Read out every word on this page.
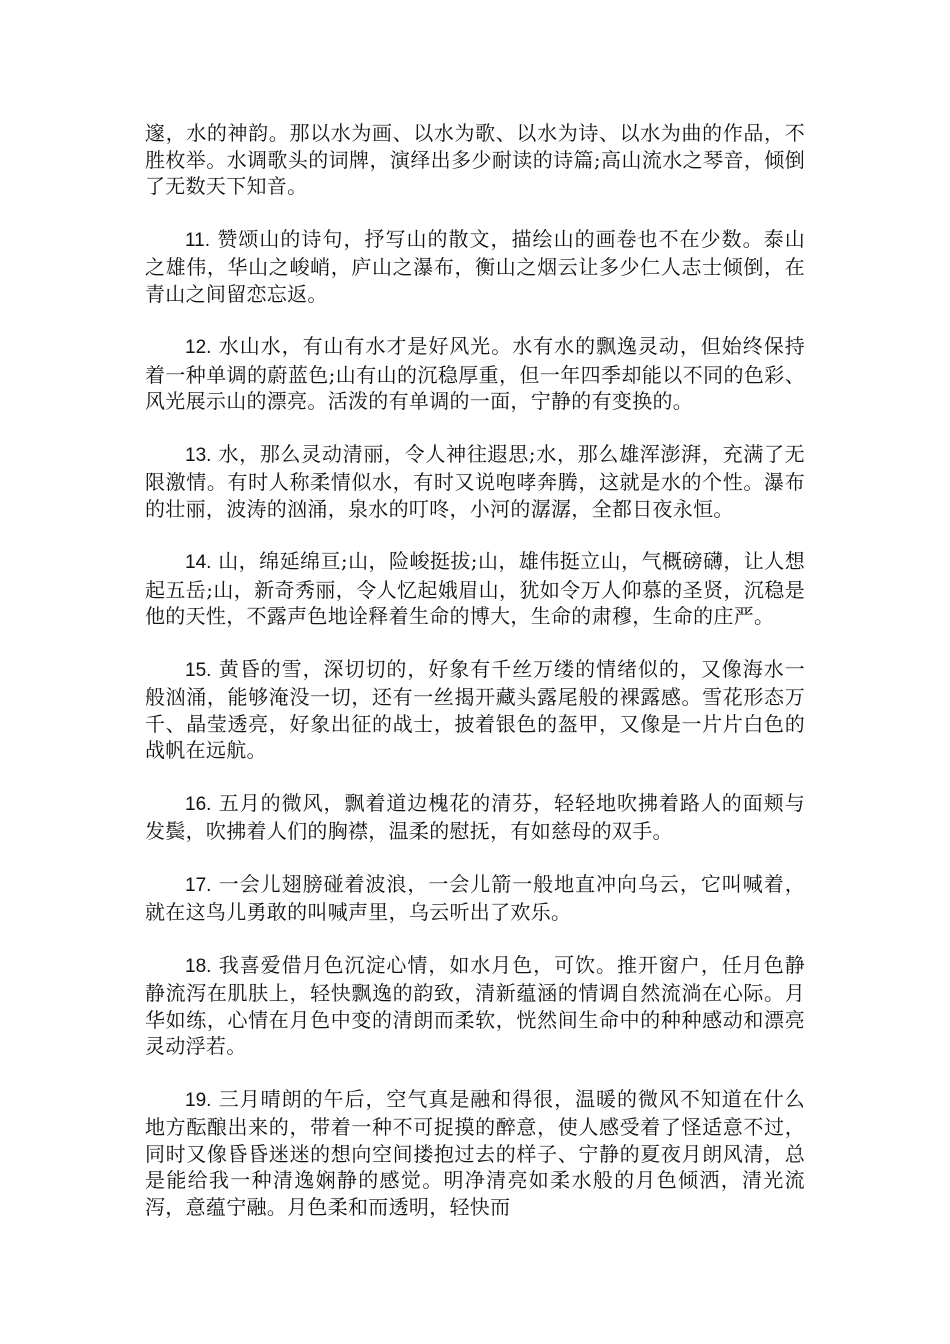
邃，水的神韵。那以水为画、以水为歌、以水为诗、以水为曲的作品，不胜枚举。水调歌头的词牌，演绎出多少耐读的诗篇;高山流水之琴音，倾倒了无数天下知音。

11. 赞颂山的诗句，抒写山的散文，描绘山的画卷也不在少数。泰山之雄伟，华山之峻峭，庐山之瀑布，衡山之烟云让多少仁人志士倾倒，在青山之间留恋忘返。

12. 水山水，有山有水才是好风光。水有水的飘逸灵动，但始终保持着一种单调的蔚蓝色;山有山的沉稳厚重，但一年四季却能以不同的色彩、风光展示山的漂亮。活泼的有单调的一面，宁静的有变换的。

13. 水，那么灵动清丽，令人神往遐思;水，那么雄浑澎湃，充满了无限激情。有时人称柔情似水，有时又说咆哮奔腾，这就是水的个性。瀑布的壮丽，波涛的汹涌，泉水的叮咚，小河的潺潺，全都日夜永恒。

14. 山，绵延绵亘;山，险峻挺拔;山，雄伟挺立山，气概磅礴，让人想起五岳;山，新奇秀丽，令人忆起娥眉山，犹如令万人仰慕的圣贤，沉稳是他的天性，不露声色地诠释着生命的博大，生命的肃穆，生命的庄严。

15. 黄昏的雪，深切切的，好象有千丝万缕的情绪似的，又像海水一般汹涌，能够淹没一切，还有一丝揭开藏头露尾般的裸露感。雪花形态万千、晶莹透亮，好象出征的战士，披着银色的盔甲，又像是一片片白色的战帆在远航。

16. 五月的微风，飘着道边槐花的清芬，轻轻地吹拂着路人的面颊与发鬓，吹拂着人们的胸襟，温柔的慰抚，有如慈母的双手。

17. 一会儿翅膀碰着波浪，一会儿箭一般地直冲向乌云，它叫喊着，就在这鸟儿勇敢的叫喊声里，乌云听出了欢乐。

18. 我喜爱借月色沉淀心情，如水月色，可饮。推开窗户，任月色静静流泻在肌肤上，轻快飘逸的韵致，清新蕴涵的情调自然流淌在心际。月华如练，心情在月色中变的清朗而柔软，恍然间生命中的种种感动和漂亮灵动浮若。

19. 三月晴朗的午后，空气真是融和得很，温暖的微风不知道在什么地方酝酿出来的，带着一种不可捉摸的醉意，使人感受着了怪适意不过，同时又像昏昏迷迷的想向空间搂抱过去的样子、宁静的夏夜月朗风清，总是能给我一种清逸娴静的感觉。明净清亮如柔水般的月色倾洒，清光流泻，意蕴宁融。月色柔和而透明，轻快而
